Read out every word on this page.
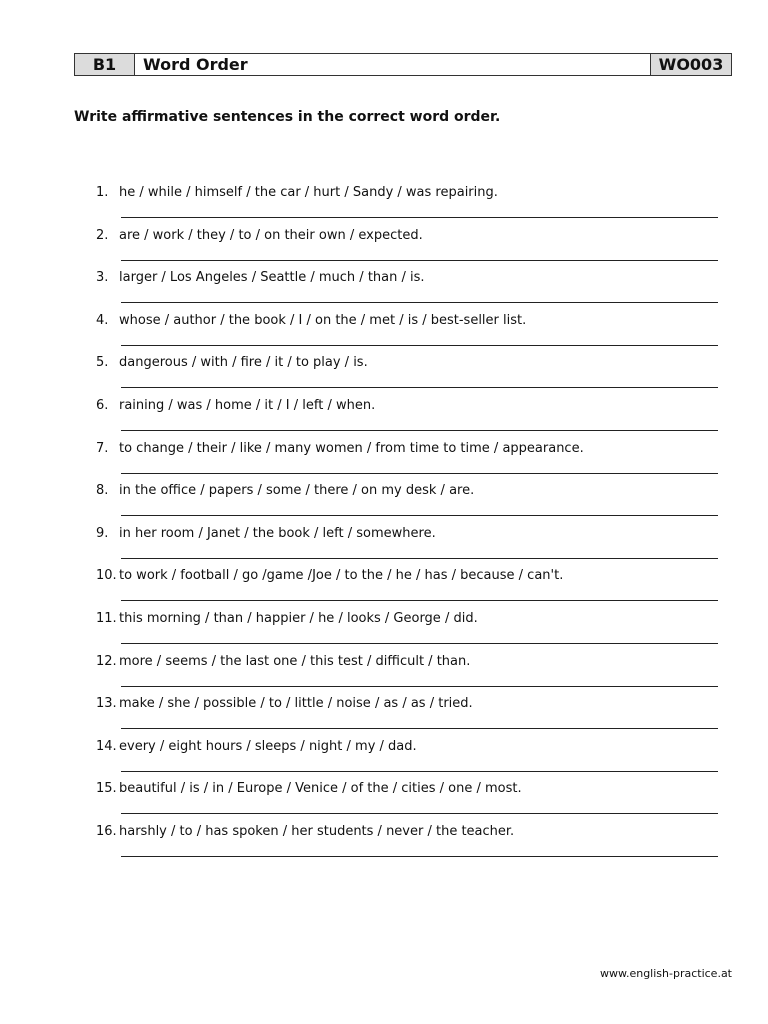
B1	Word Order	WO003
Write affirmative sentences in the correct word order.
1. he / while / himself / the car / hurt / Sandy / was repairing.
2. are / work / they / to / on their own / expected.
3. larger / Los Angeles / Seattle / much / than / is.
4. whose / author / the book / I / on the / met / is / best-seller list.
5. dangerous / with / fire / it / to play / is.
6. raining / was / home / it / I / left / when.
7. to change / their / like / many women / from time to time / appearance.
8. in the office / papers / some / there / on my desk / are.
9. in her room / Janet / the book / left / somewhere.
10. to work / football / go /game /Joe / to the / he / has / because / can't.
11. this morning / than / happier / he / looks / George / did.
12. more / seems / the last one / this test / difficult / than.
13. make / she / possible / to / little / noise / as / as / tried.
14. every / eight hours / sleeps / night / my / dad.
15. beautiful / is / in / Europe / Venice / of the / cities / one / most.
16. harshly / to / has spoken / her students / never / the teacher.
www.english-practice.at
